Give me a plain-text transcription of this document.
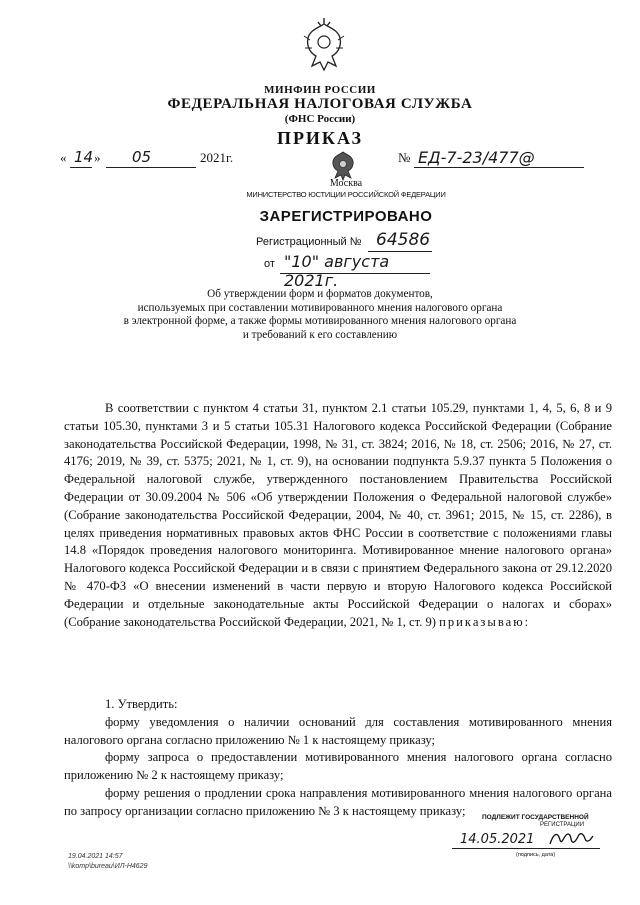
МИНФИН РОССИИ
ФЕДЕРАЛЬНАЯ НАЛОГОВАЯ СЛУЖБА
(ФНС России)
ПРИКАЗ
« 14 » 05	2021г.	№ ЕД-7-23/477@
Москва
МИНИСТЕРСТВО ЮСТИЦИИ РОССИЙСКОЙ ФЕДЕРАЦИИ
ЗАРЕГИСТРИРОВАНО
Регистрационный № 64586
от "10" августа 2021г.
Об утверждении форм и форматов документов,
используемых при составлении мотивированного мнения налогового органа
в электронной форме, а также формы мотивированного мнения налогового органа
и требований к его составлению

В соответствии с пунктом 4 статьи 31, пунктом 2.1 статьи 105.29, пунктами 1, 4, 5, 6, 8 и 9 статьи 105.30, пунктами 3 и 5 статьи 105.31 Налогового кодекса Российской Федерации (Собрание законодательства Российской Федерации, 1998, № 31, ст. 3824; 2016, № 18, ст. 2506; 2016, № 27, ст. 4176; 2019, № 39, ст. 5375; 2021, № 1, ст. 9), на основании подпункта 5.9.37 пункта 5 Положения о Федеральной налоговой службе, утвержденного постановлением Правительства Российской Федерации от 30.09.2004 № 506 «Об утверждении Положения о Федеральной налоговой службе» (Собрание законодательства Российской Федерации, 2004, № 40, ст. 3961; 2015, № 15, ст. 2286), в целях приведения нормативных правовых актов ФНС России в соответствие с положениями главы 14.8 «Порядок проведения налогового мониторинга. Мотивированное мнение налогового органа» Налогового кодекса Российской Федерации и в связи с принятием Федерального закона от 29.12.2020 № 470-ФЗ «О внесении изменений в части первую и вторую Налогового кодекса Российской Федерации и отдельные законодательные акты Российской Федерации о налогах и сборах» (Собрание законодательства Российской Федерации, 2021, № 1, ст. 9) приказываю:

1. Утвердить:

форму уведомления о наличии оснований для составления мотивированного мнения налогового органа согласно приложению № 1 к настоящему приказу;

форму запроса о предоставлении мотивированного мнения налогового органа согласно приложению № 2 к настоящему приказу;

форму решения о продлении срока направления мотивированного мнения налогового органа по запросу организации согласно приложению № 3 к настоящему приказу;

19.04.2021 14:57
\\komp\bureau\ИЛ-Н4629
ПОДЛЕЖИТ ГОСУДАРСТВЕННОЙ
РЕГИСТРАЦИИ
14.05.2021
(подпись, дата)
